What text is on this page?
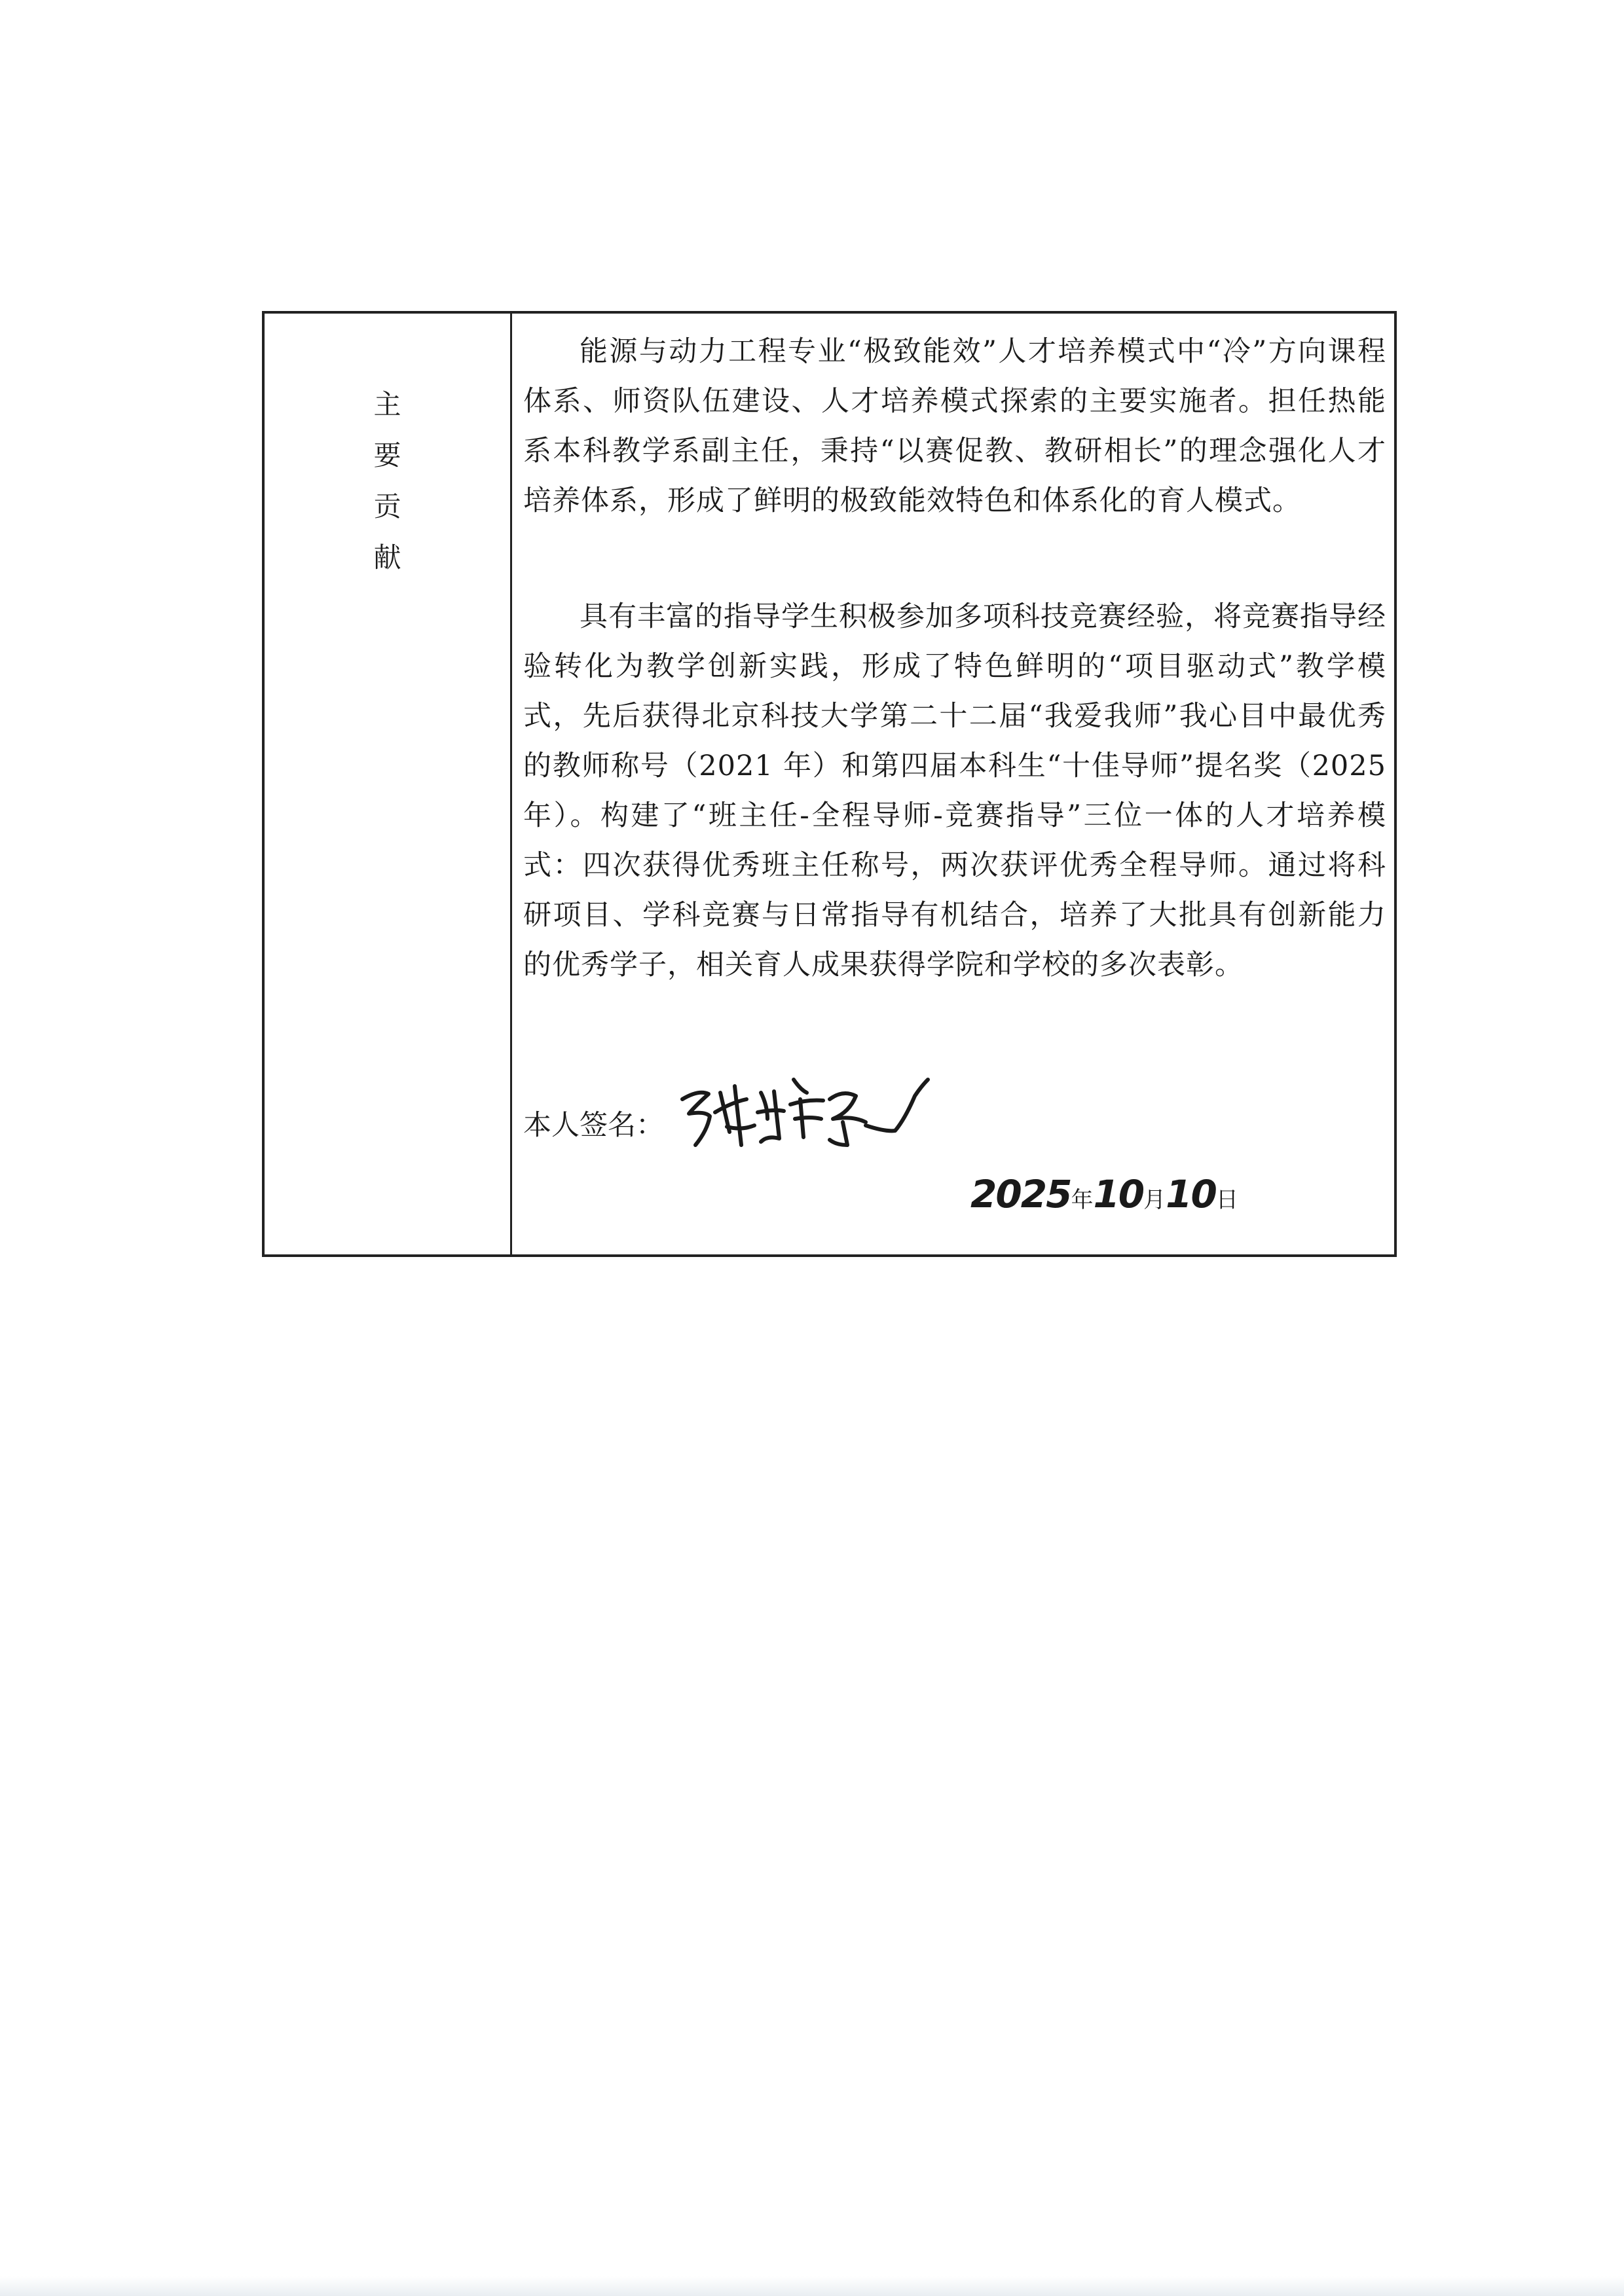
主
要
贡
献

能源与动力工程专业“极致能效”人才培养模式中“冷”方向课程体系、师资队伍建设、人才培养模式探索的主要实施者。担任热能系本科教学系副主任，秉持“以赛促教、教研相长”的理念强化人才培养体系，形成了鲜明的极致能效特色和体系化的育人模式。

具有丰富的指导学生积极参加多项科技竞赛经验，将竞赛指导经验转化为教学创新实践，形成了特色鲜明的“项目驱动式”教学模式，先后获得北京科技大学第二十二届“我爱我师”我心目中最优秀的教师称号（2021 年）和第四届本科生“十佳导师”提名奖（2025 年）。构建了“班主任-全程导师-竞赛指导”三位一体的人才培养模式：四次获得优秀班主任称号，两次获评优秀全程导师。通过将科研项目、学科竞赛与日常指导有机结合，培养了大批具有创新能力的优秀学子，相关育人成果获得学院和学校的多次表彰。

本人签名：
2025年10月10日
